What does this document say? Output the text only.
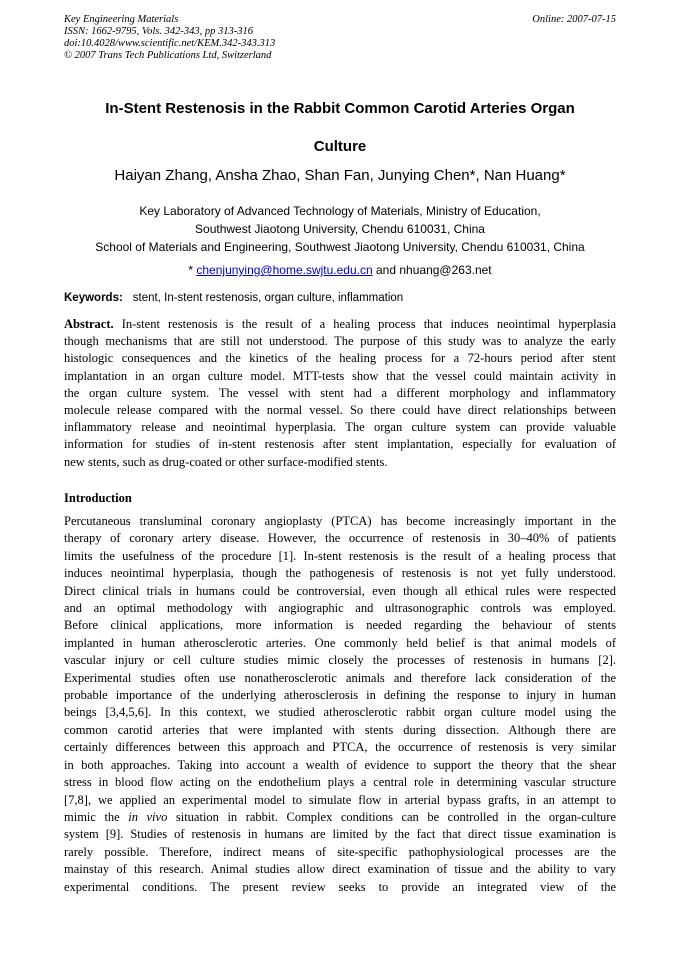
Key Engineering Materials
ISSN: 1662-9795, Vols. 342-343, pp 313-316
doi:10.4028/www.scientific.net/KEM.342-343.313
© 2007 Trans Tech Publications Ltd, Switzerland
Online: 2007-07-15
In-Stent Restenosis in the Rabbit Common Carotid Arteries Organ
Culture
Haiyan Zhang, Ansha Zhao, Shan Fan, Junying Chen*, Nan Huang*
Key Laboratory of Advanced Technology of Materials, Ministry of Education,
Southwest Jiaotong University, Chendu 610031, China
School of Materials and Engineering, Southwest Jiaotong University, Chendu 610031, China
* chenjunying@home.swjtu.edu.cn and nhuang@263.net
Keywords: stent, In-stent restenosis, organ culture, inflammation
Abstract. In-stent restenosis is the result of a healing process that induces neointimal hyperplasia
though mechanisms that are still not understood. The purpose of this study was to analyze the early
histologic consequences and the kinetics of the healing process for a 72-hours period after stent
implantation in an organ culture model. MTT-tests show that the vessel could maintain activity in
the organ culture system. The vessel with stent had a different morphology and inflammatory
molecule release compared with the normal vessel. So there could have direct relationships between
inflammatory release and neointimal hyperplasia. The organ culture system can provide valuable
information for studies of in-stent restenosis after stent implantation, especially for evaluation of
new stents, such as drug-coated or other surface-modified stents.
Introduction
Percutaneous transluminal coronary angioplasty (PTCA) has become increasingly important in the
therapy of coronary artery disease. However, the occurrence of restenosis in 30–40% of patients
limits the usefulness of the procedure [1]. In-stent restenosis is the result of a healing process that
induces neointimal hyperplasia, though the pathogenesis of restenosis is not yet fully understood.
Direct clinical trials in humans could be controversial, even though all ethical rules were respected
and an optimal methodology with angiographic and ultrasonographic controls was employed.
Before clinical applications, more information is needed regarding the behaviour of stents
implanted in human atherosclerotic arteries. One commonly held belief is that animal models of
vascular injury or cell culture studies mimic closely the processes of restenosis in humans [2].
Experimental studies often use nonatherosclerotic animals and therefore lack consideration of the
probable importance of the underlying atherosclerosis in defining the response to injury in human
beings [3,4,5,6]. In this context, we studied atherosclerotic rabbit organ culture model using the
common carotid arteries that were implanted with stents during dissection. Although there are
certainly differences between this approach and PTCA, the occurrence of restenosis is very similar
in both approaches. Taking into account a wealth of evidence to support the theory that the shear
stress in blood flow acting on the endothelium plays a central role in determining vascular structure
[7,8], we applied an experimental model to simulate flow in arterial bypass grafts, in an attempt to
mimic the in vivo situation in rabbit. Complex conditions can be controlled in the organ-culture
system [9]. Studies of restenosis in humans are limited by the fact that direct tissue examination is
rarely possible. Therefore, indirect means of site-specific pathophysiological processes are the
mainstay of this research. Animal studies allow direct examination of tissue and the ability to vary
experimental conditions. The present review seeks to provide an integrated view of the
